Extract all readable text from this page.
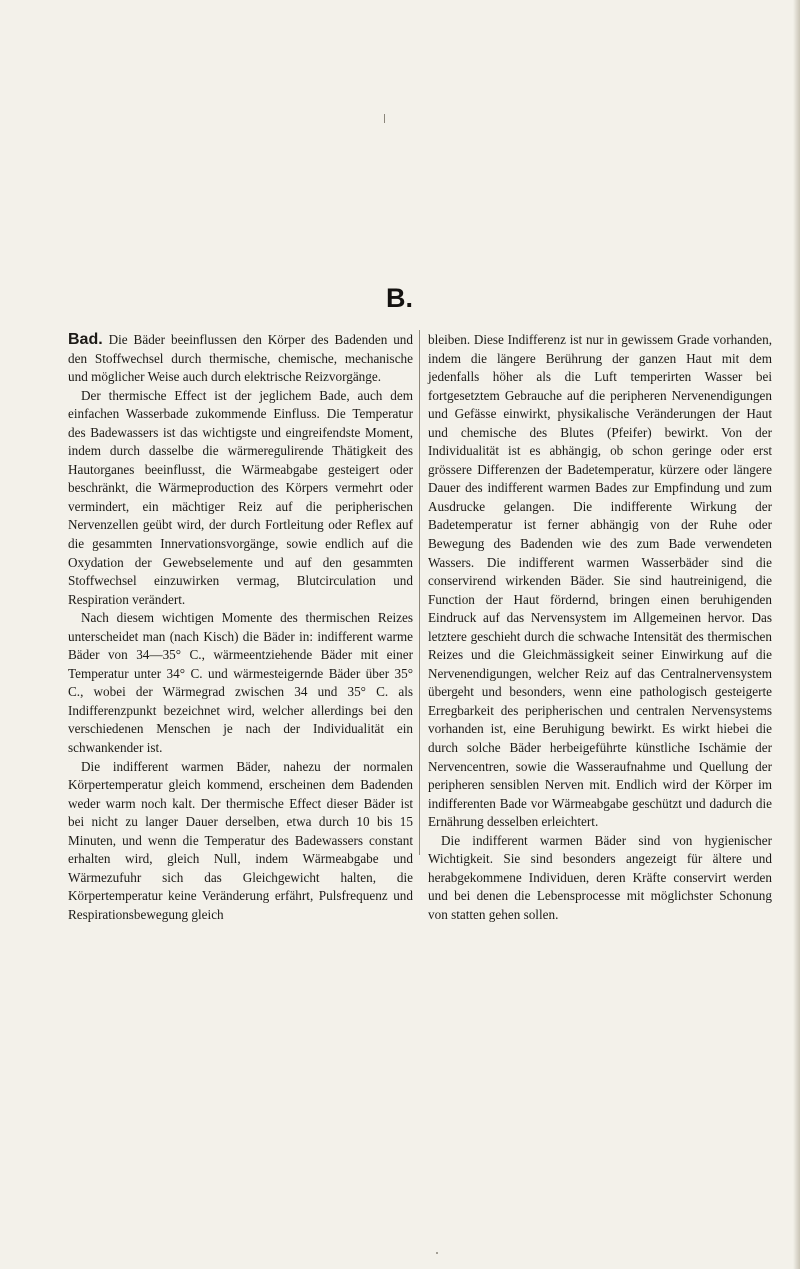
B.

Bad. Die Bäder beeinflussen den Körper des Badenden und den Stoffwechsel durch thermische, chemische, mechanische und möglicher Weise auch durch elektrische Reizvorgänge.

Der thermische Effect ist der jeglichem Bade, auch dem einfachen Wasserbade zukommende Einfluss. Die Temperatur des Badewassers ist das wichtigste und eingreifendste Moment, indem durch dasselbe die wärmeregulirende Thätigkeit des Hautorganes beeinflusst, die Wärmeabgabe gesteigert oder beschränkt, die Wärmeproduction des Körpers vermehrt oder vermindert, ein mächtiger Reiz auf die peripherischen Nervenzellen geübt wird, der durch Fortleitung oder Reflex auf die gesammten Innervationsvorgänge, sowie endlich auf die Oxydation der Gewebselemente und auf den gesammten Stoffwechsel einzuwirken vermag, Blutcirculation und Respiration verändert.

Nach diesem wichtigen Momente des thermischen Reizes unterscheidet man (nach Kisch) die Bäder in: indifferent warme Bäder von 34—35° C., wärmeentziehende Bäder mit einer Temperatur unter 34° C. und wärmesteigernde Bäder über 35° C., wobei der Wärmegrad zwischen 34 und 35° C. als Indifferenzpunkt bezeichnet wird, welcher allerdings bei den verschiedenen Menschen je nach der Individualität ein schwankender ist.

Die indifferent warmen Bäder, nahezu der normalen Körpertemperatur gleich kommend, erscheinen dem Badenden weder warm noch kalt. Der thermische Effect dieser Bäder ist bei nicht zu langer Dauer derselben, etwa durch 10 bis 15 Minuten, und wenn die Temperatur des Badewassers constant erhalten wird, gleich Null, indem Wärmeabgabe und Wärmezufuhr sich das Gleichgewicht halten, die Körpertemperatur keine Veränderung erfährt, Pulsfrequenz und Respirationsbewegung gleich

bleiben. Diese Indifferenz ist nur in gewissem Grade vorhanden, indem die längere Berührung der ganzen Haut mit dem jedenfalls höher als die Luft temperirten Wasser bei fortgesetztem Gebrauche auf die peripheren Nervenendigungen und Gefässe einwirkt, physikalische Veränderungen der Haut und chemische des Blutes (Pfeifer) bewirkt. Von der Individualität ist es abhängig, ob schon geringe oder erst grössere Differenzen der Badetemperatur, kürzere oder längere Dauer des indifferent warmen Bades zur Empfindung und zum Ausdrucke gelangen. Die indifferente Wirkung der Badetemperatur ist ferner abhängig von der Ruhe oder Bewegung des Badenden wie des zum Bade verwendeten Wassers. Die indifferent warmen Wasserbäder sind die conservirend wirkenden Bäder. Sie sind hautreinigend, die Function der Haut fördernd, bringen einen beruhigenden Eindruck auf das Nervensystem im Allgemeinen hervor. Das letztere geschieht durch die schwache Intensität des thermischen Reizes und die Gleichmässigkeit seiner Einwirkung auf die Nervenendigungen, welcher Reiz auf das Centralnervensystem übergeht und besonders, wenn eine pathologisch gesteigerte Erregbarkeit des peripherischen und centralen Nervensystems vorhanden ist, eine Beruhigung bewirkt. Es wirkt hiebei die durch solche Bäder herbeigeführte künstliche Ischämie der Nervencentren, sowie die Wasseraufnahme und Quellung der peripheren sensiblen Nerven mit. Endlich wird der Körper im indifferenten Bade vor Wärmeabgabe geschützt und dadurch die Ernährung desselben erleichtert.

Die indifferent warmen Bäder sind von hygienischer Wichtigkeit. Sie sind besonders angezeigt für ältere und herabgekommene Individuen, deren Kräfte conservirt werden und bei denen die Lebensprocesse mit möglichster Schonung von statten gehen sollen.
